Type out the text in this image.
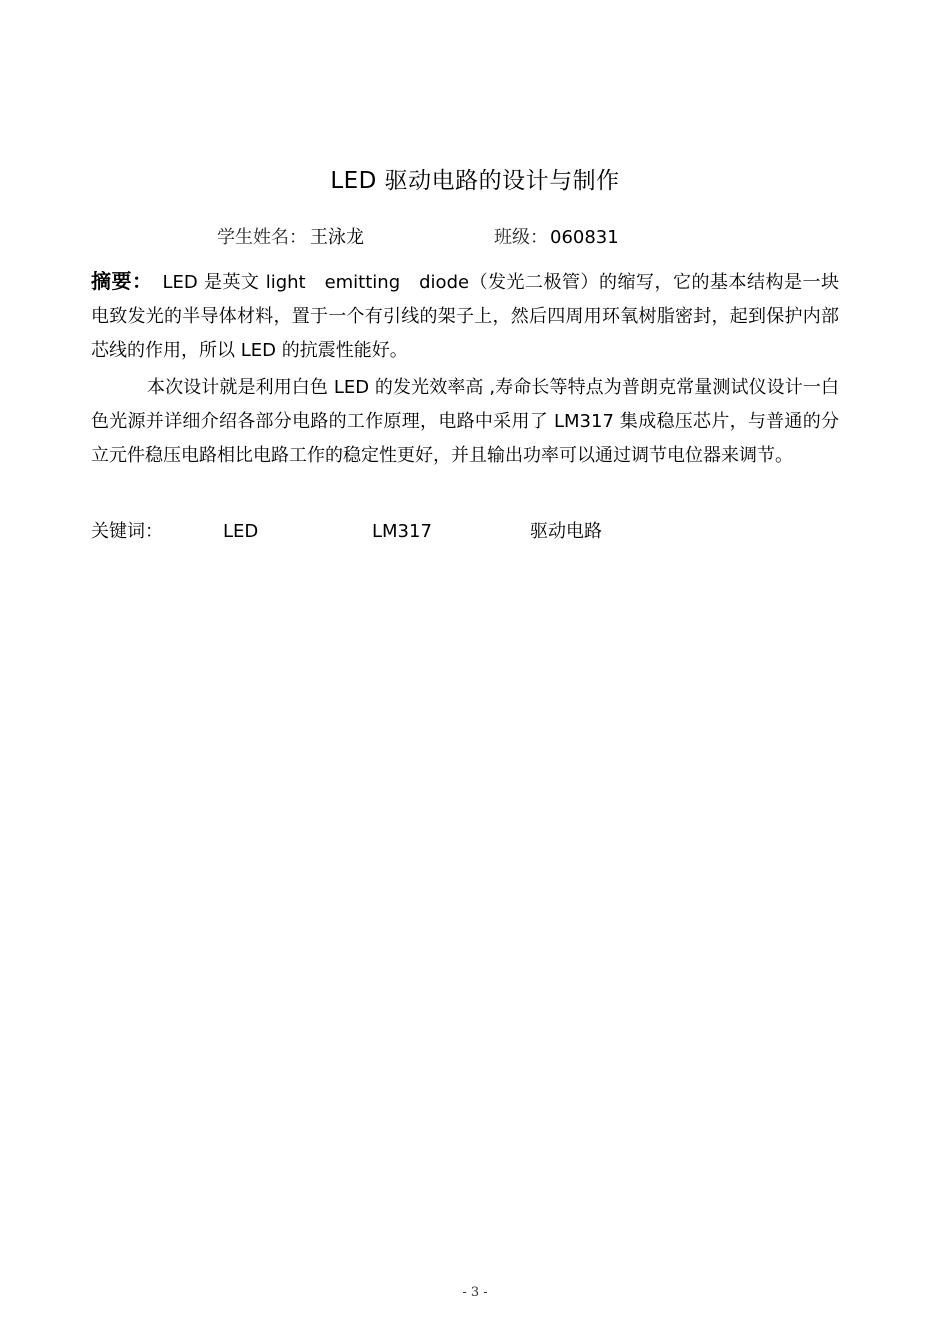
LED 驱动电路的设计与制作
学生姓名： 王泳龙	班级： 060831

摘要： LED 是英文 light　emitting　diode（发光二极管）的缩写，它的基本结构是一块电致发光的半导体材料，置于一个有引线的架子上，然后四周用环氧树脂密封，起到保护内部芯线的作用，所以 LED 的抗震性能好。

本次设计就是利用白色 LED 的发光效率高 ,寿命长等特点为普朗克常量测试仪设计一白色光源并详细介绍各部分电路的工作原理，电路中采用了 LM317 集成稳压芯片，与普通的分立元件稳压电路相比电路工作的稳定性更好，并且输出功率可以通过调节电位器来调节。

关键词：	LED	LM317	驱动电路
- 3 -
